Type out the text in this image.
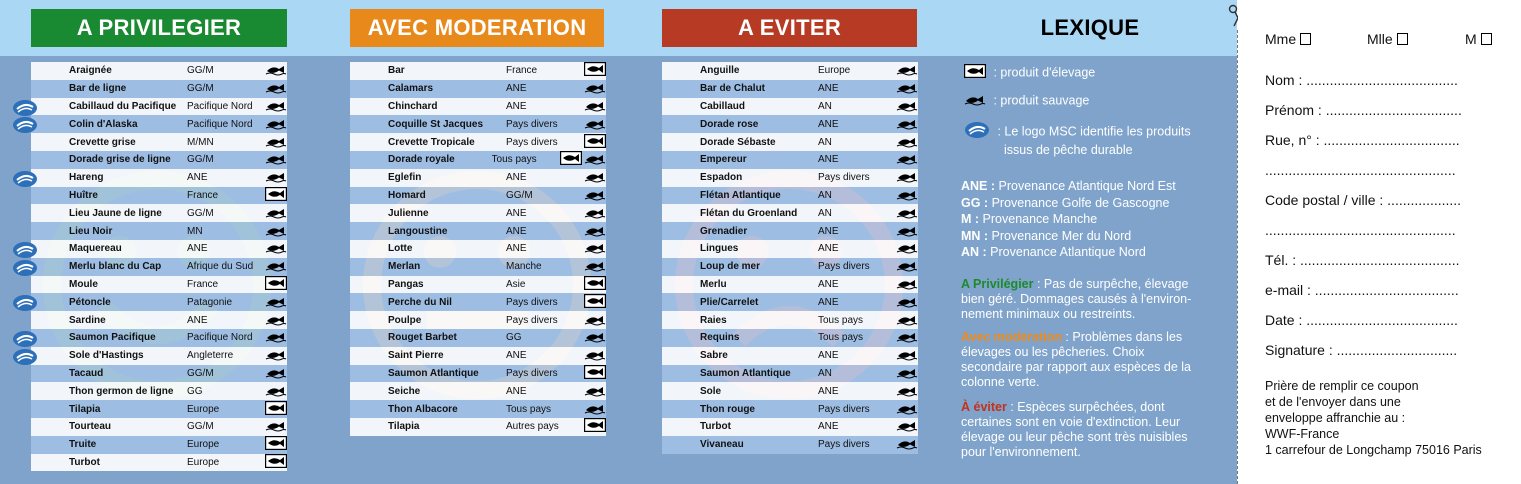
A PRIVILEGIER	AVEC MODERATION	A EVITER	LEXIQUE
Araignée	GG/M
Bar de ligne	GG/M
Cabillaud du Pacifique	Pacifique Nord
Colin d'Alaska	Pacifique Nord
Crevette grise	M/MN
Dorade grise de ligne	GG/M
Hareng	ANE
Huître	France
Lieu Jaune de ligne	GG/M
Lieu Noir	MN
Maquereau	ANE
Merlu blanc du Cap	Afrique du Sud
Moule	France
Pétoncle	Patagonie
Sardine	ANE
Saumon Pacifique	Pacifique Nord
Sole d'Hastings	Angleterre
Tacaud	GG/M
Thon germon de ligne	GG
Tilapia	Europe
Tourteau	GG/M
Truite	Europe
Turbot	Europe
Bar	France
Calamars	ANE
Chinchard	ANE
Coquille St Jacques	Pays divers
Crevette Tropicale	Pays divers
Dorade royale	Tous pays
Eglefin	ANE
Homard	GG/M
Julienne	ANE
Langoustine	ANE
Lotte	ANE
Merlan	Manche
Pangas	Asie
Perche du Nil	Pays divers
Poulpe	Pays divers
Rouget Barbet	GG
Saint Pierre	ANE
Saumon Atlantique	Pays divers
Seiche	ANE
Thon Albacore	Tous pays
Tilapia	Autres pays
Anguille	Europe
Bar de Chalut	ANE
Cabillaud	AN
Dorade rose	ANE
Dorade Sébaste	AN
Empereur	ANE
Espadon	Pays divers
Flétan Atlantique	AN
Flétan du Groenland	AN
Grenadier	ANE
Lingues	ANE
Loup de mer	Pays divers
Merlu	ANE
Plie/Carrelet	ANE
Raies	Tous pays
Requins	Tous pays
Sabre	ANE
Saumon Atlantique	AN
Sole	ANE
Thon rouge	Pays divers
Turbot	ANE
Vivaneau	Pays divers
: produit d'élevage
: produit sauvage
: Le logo MSC identifie les produits
issus de pêche durable
ANE : Provenance Atlantique Nord Est
GG : Provenance Golfe de Gascogne
M : Provenance Manche
MN : Provenance Mer du Nord
AN : Provenance Atlantique Nord
A Privilégier : Pas de surpêche, élevage bien géré. Dommages causés à l'environ-nement minimaux ou restreints.
Avec modération : Problèmes dans les élevages ou les pêcheries. Choix secondaire par rapport aux espèces de la colonne verte.
À éviter : Espèces surpêchées, dont certaines sont en voie d'extinction. Leur élevage ou leur pêche sont très nuisibles pour l'environnement.
Mme	Mlle	M
Nom : .......................................
Prénom : ...................................
Rue, n° : ...................................
.................................................
Code postal / ville : ...................
.................................................
Tél. : .........................................
e-mail : .....................................
Date : .......................................
Signature : ...............................
Prière de remplir ce coupon
et de l'envoyer dans une
enveloppe affranchie au :
WWF-France
1 carrefour de Longchamp 75016 Paris
